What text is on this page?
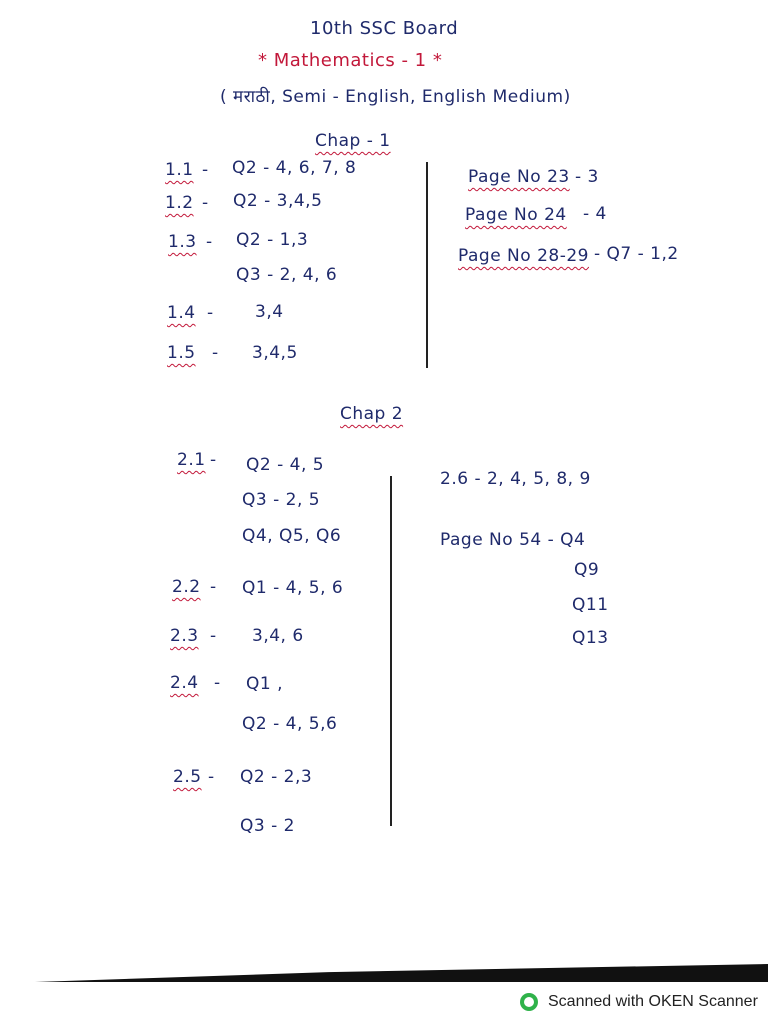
10th SSC Board
* Mathematics - 1 *
( मराठी, Semi - English, English Medium)
Chap - 1
1.1 - Q2 - 4, 6, 7, 8
1.2 - Q2 - 3,4,5
1.3 - Q2 - 1,3
Q3 - 2, 4, 6
1.4 - 3,4
1.5 - 3,4,5
Page No 23 - 3
Page No 24 - 4
Page No 28-29 - Q7 - 1,2
Chap 2
2.1 - Q2 - 4, 5
Q3 - 2, 5
Q4, Q5, Q6
2.2 - Q1 - 4, 5, 6
2.3 - 3,4, 6
2.4 - Q1 ,
Q2 - 4, 5,6
2.5 - Q2 - 2,3
Q3 - 2
2.6 - 2, 4, 5, 8, 9
Page No 54 - Q4
Q9
Q11
Q13
Scanned with OKEN Scanner
